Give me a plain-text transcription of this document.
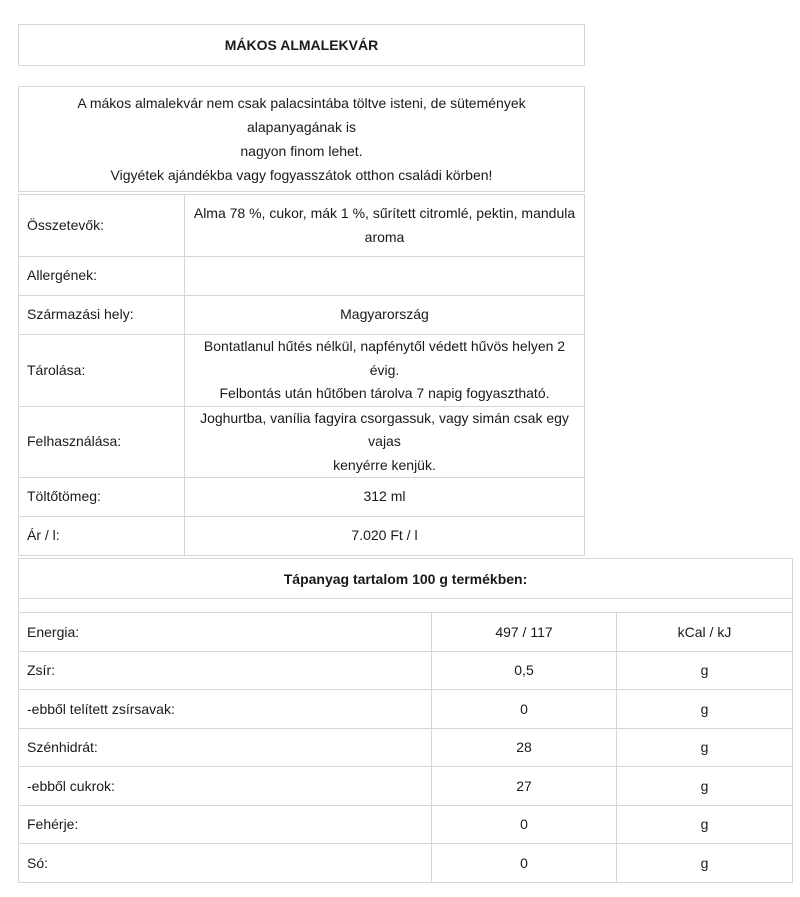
MÁKOS ALMALEKVÁR
A mákos almalekvár nem csak palacsintába töltve isteni, de sütemények alapanyagának is
nagyon finom lehet.
Vigyétek ajándékba vagy fogyasszátok otthon családi körben!
Összetevők:	Alma 78 %, cukor, mák 1 %, sűrített citromlé, pektin, mandula
aroma

Allergének:	
Származási hely:	Magyarország
Tárolása:	Bontatlanul hűtés nélkül, napfénytől védett hűvös helyen 2 évig.
Felbontás után hűtőben tárolva 7 napig fogyasztható.

Felhasználása:	Joghurtba, vanília fagyira csorgassuk, vagy simán csak egy vajas
kenyérre kenjük.

Töltőtömeg:	312 ml
Ár / l:	7.020 Ft / l
Tápanyag tartalom 100 g termékben:		

Energia:	497 / 117	kCal / kJ
Zsír:	0,5	g
-ebből telített zsírsavak:	0	g
Szénhidrát:	28	g
-ebből cukrok:	27	g
Fehérje:	0	g
Só:	0	g
